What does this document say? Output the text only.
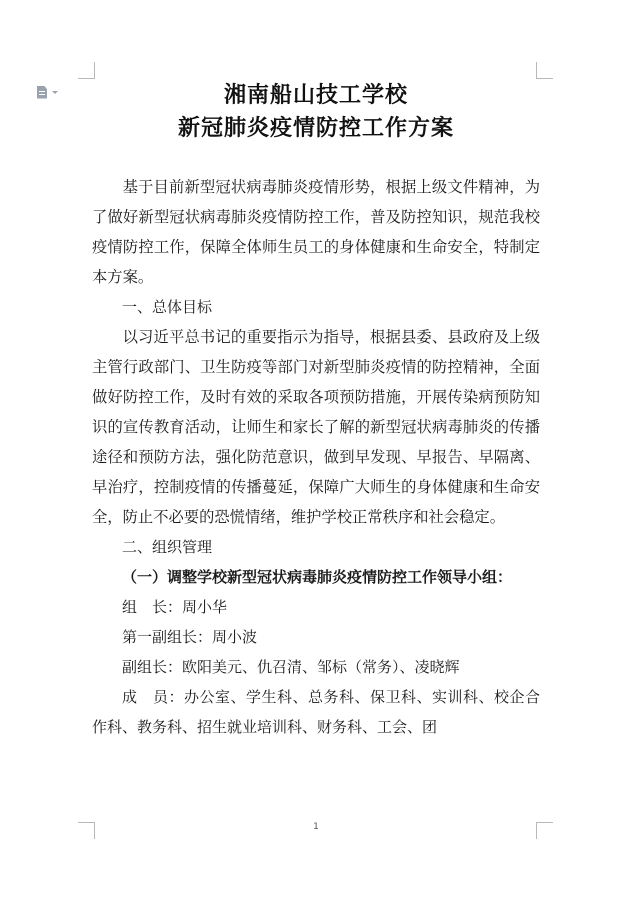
湘南船山技工学校
新冠肺炎疫情防控工作方案

基于目前新型冠状病毒肺炎疫情形势，根据上级文件精神，为了做好新型冠状病毒肺炎疫情防控工作，普及防控知识，规范我校疫情防控工作，保障全体师生员工的身体健康和生命安全，特制定本方案。

一、总体目标

以习近平总书记的重要指示为指导，根据县委、县政府及上级主管行政部门、卫生防疫等部门对新型肺炎疫情的防控精神，全面做好防控工作，及时有效的采取各项预防措施，开展传染病预防知识的宣传教育活动，让师生和家长了解的新型冠状病毒肺炎的传播途径和预防方法，强化防范意识，做到早发现、早报告、早隔离、早治疗，控制疫情的传播蔓延，保障广大师生的身体健康和生命安全，防止不必要的恐慌情绪，维护学校正常秩序和社会稳定。

二、组织管理

（一）调整学校新型冠状病毒肺炎疫情防控工作领导小组：

组　长：周小华

第一副组长：周小波

副组长：欧阳美元、仇召清、邹标（常务）、凌晓辉

成　员：办公室、学生科、总务科、保卫科、实训科、校企合作科、教务科、招生就业培训科、财务科、工会、团

1
